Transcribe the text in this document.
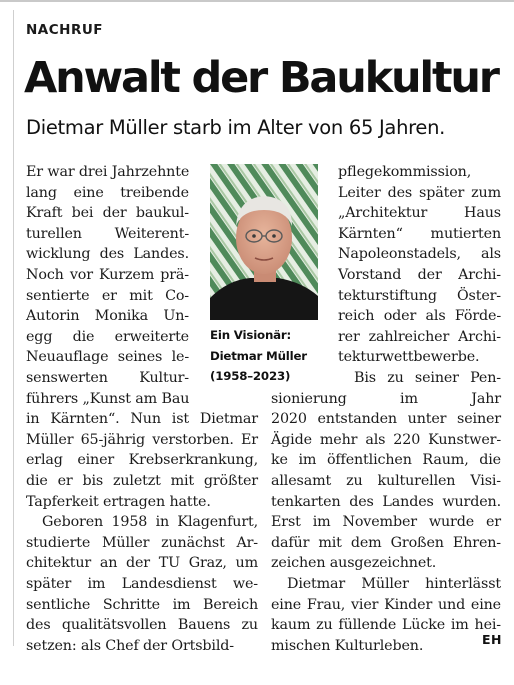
NACHRUF
Anwalt der Baukultur
Dietmar Müller starb im Alter von 65 Jahren.
Er war drei Jahrzehnte
lang eine treibende
Kraft bei der baukul-
turellen Weiterent-
wicklung des Landes.
Noch vor Kurzem prä-
sentierte er mit Co-
Autorin Monika Un-
egg die erweiterte
Neuauflage seines le-
senswerten Kultur-
führers „Kunst am Bau
in Kärnten“. Nun ist Dietmar
Müller 65-jährig verstorben. Er
erlag einer Krebserkrankung,
die er bis zuletzt mit größter
Tapferkeit ertragen hatte.
Geboren 1958 in Klagenfurt,
studierte Müller zunächst Ar-
chitektur an der TU Graz, um
später im Landesdienst we-
sentliche Schritte im Bereich
des qualitätsvollen Bauens zu
setzen: als Chef der Ortsbild-
pflegekommission,
Leiter des später zum
„Architektur Haus
Kärnten“ mutierten
Napoleonstadels, als
Vorstand der Archi-
tekturstiftung Öster-
reich oder als Förde-
rer zahlreicher Archi-
tekturwettbewerbe.
Bis zu seiner Pen-
sionierung im Jahr
2020 entstanden unter seiner
Ägide mehr als 220 Kunstwer-
ke im öffentlichen Raum, die
allesamt zu kulturellen Visi-
tenkarten des Landes wurden.
Erst im November wurde er
dafür mit dem Großen Ehren-
zeichen ausgezeichnet.
Dietmar Müller hinterlässt
eine Frau, vier Kinder und eine
kaum zu füllende Lücke im hei-
mischen Kulturleben.
Ein Visionär:
Dietmar Müller
(1958–2023)
EH
